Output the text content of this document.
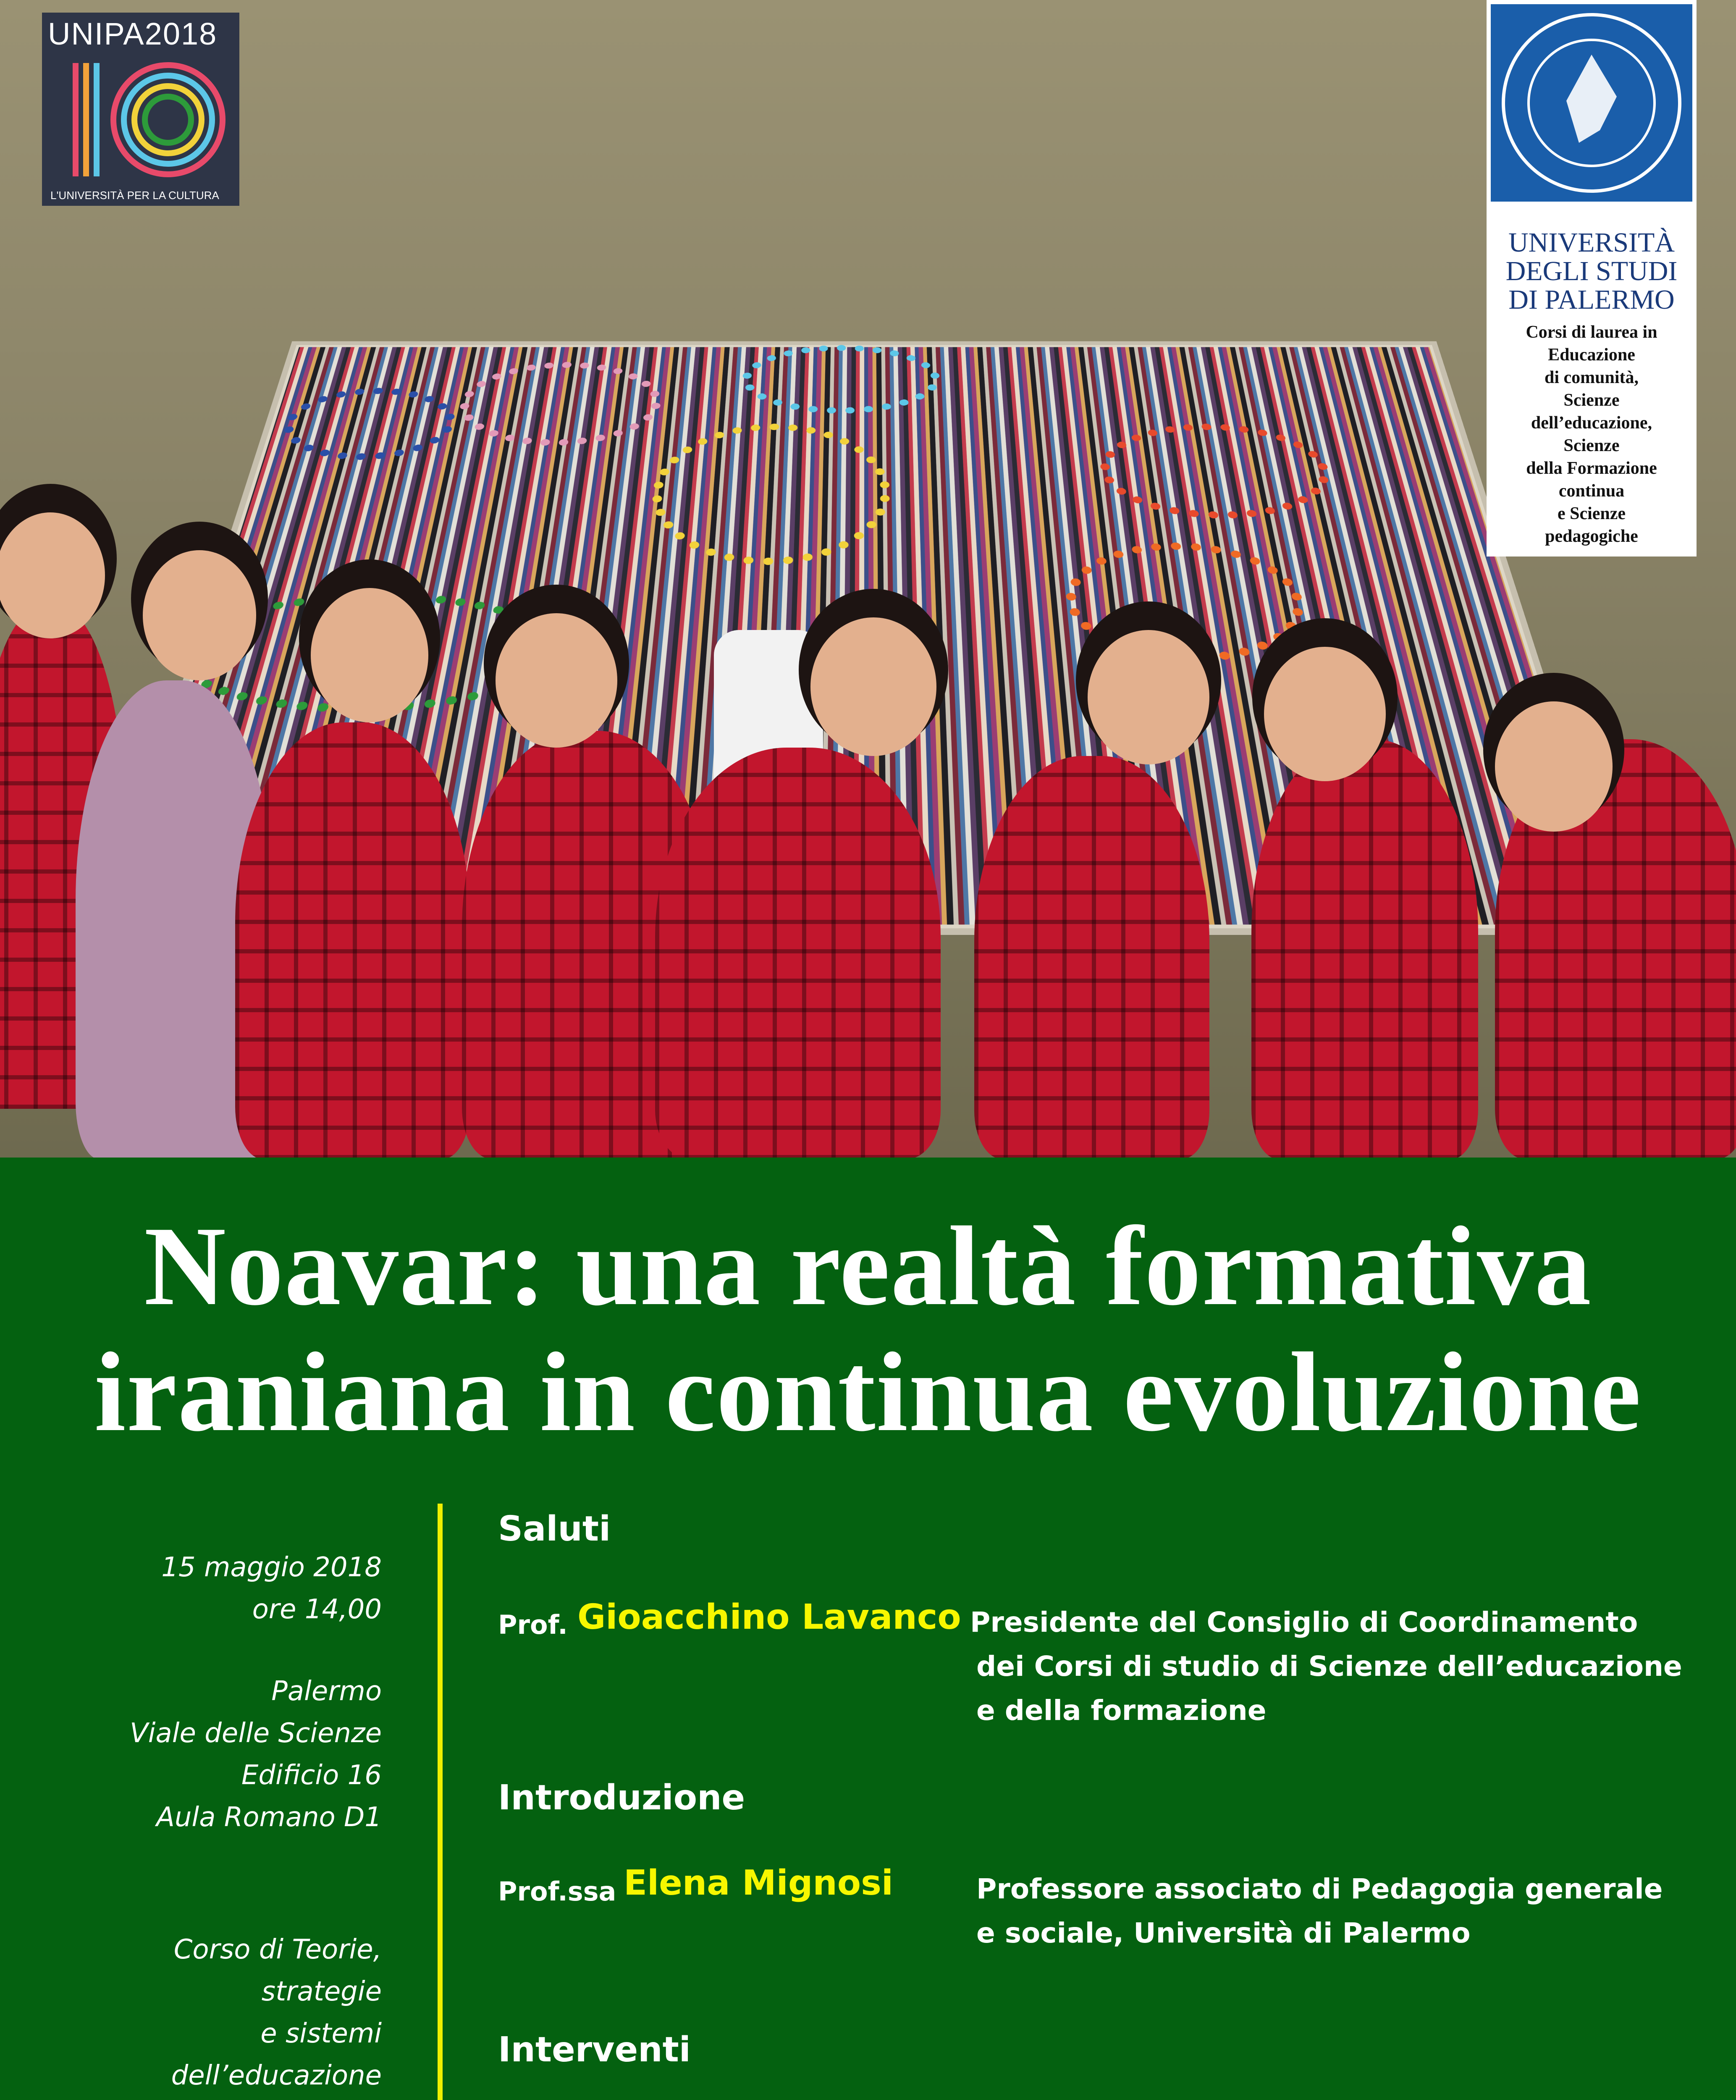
UNIPA2018
L'UNIVERSITÀ PER LA CULTURA
UNIVERSITÀ
DEGLI STUDI
DI PALERMO
Corsi di laurea in
Educazione
di comunità,
Scienze
dell’educazione,
Scienze
della Formazione
continua
e Scienze
pedagogiche
Noavar: una realtà formativa
iraniana in continua evoluzione
15 maggio 2018
ore 14,00
Palermo
Viale delle Scienze
Edificio 16
Aula Romano D1
Corso di Teorie,
strategie
e sistemi
dell’educazione
Saluti
Prof. Gioacchino Lavanco Presidente del Consiglio di Coordinamento
dei Corsi di studio di Scienze dell’educazione
e della formazione
Introduzione
Prof.ssa Elena Mignosi	Professore associato di Pedagogia generale
e sociale, Università di Palermo
Interventi
